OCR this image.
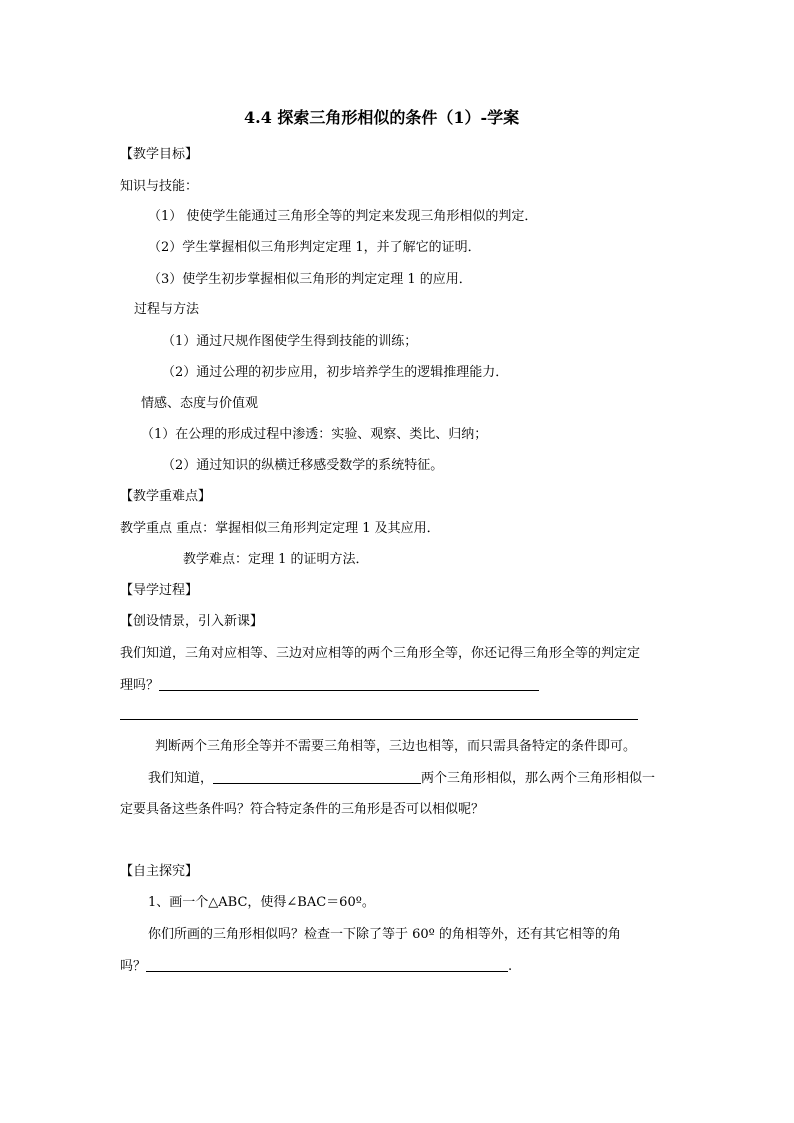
4.4 探索三角形相似的条件（1）-学案
【教学目标】
知识与技能：
（1） 使使学生能通过三角形全等的判定来发现三角形相似的判定．
（2）学生掌握相似三角形判定定理 1，并了解它的证明．
（3）使学生初步掌握相似三角形的判定定理 1 的应用．
过程与方法
（1）通过尺规作图使学生得到技能的训练；
（2）通过公理的初步应用，初步培养学生的逻辑推理能力．
情感、态度与价值观
（1）在公理的形成过程中渗透：实验、观察、类比、归纳；
（2）通过知识的纵横迁移感受数学的系统特征。
【教学重难点】
教学重点 重点：掌握相似三角形判定定理 1 及其应用．
教学难点：定理 1 的证明方法．
【导学过程】
【创设情景，引入新课】
我们知道，三角对应相等、三边对应相等的两个三角形全等，你还记得三角形全等的判定定
理吗？
判断两个三角形全等并不需要三角相等，三边也相等，而只需具备特定的条件即可。
我们知道，	两个三角形相似，那么两个三角形相似一
定要具备这些条件吗？符合特定条件的三角形是否可以相似呢？
【自主探究】
1、画一个△ABC，使得∠BAC＝60º。
你们所画的三角形相似吗？检查一下除了等于 60º 的角相等外，还有其它相等的角
吗？	.
